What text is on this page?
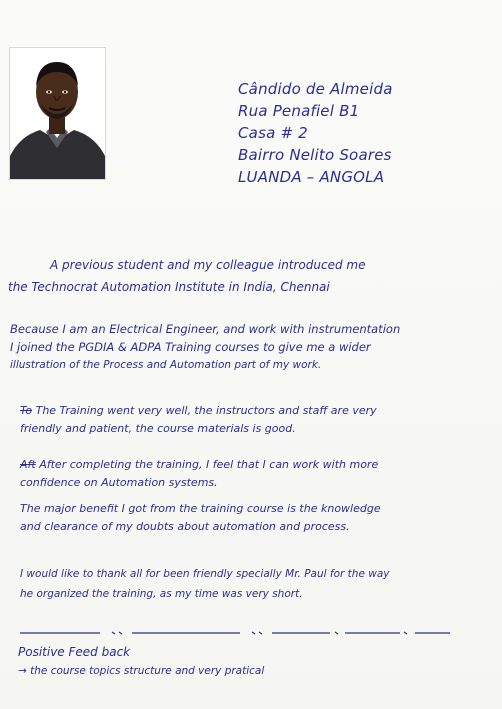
Cândido de Almeida
Rua Penafiel B1
Casa # 2
Bairro Nelito Soares
LUANDA – ANGOLA
A previous student and my colleague introduced me
the Technocrat Automation Institute in India, Chennai
Because I am an Electrical Engineer, and work with instrumentation
I joined the PGDIA & ADPA Training courses to give me a wider
illustration of the Process and Automation part of my work.
To The Training went very well, the instructors and staff are very
friendly and patient, the course materials is good.
Aft After completing the training, I feel that I can work with more
confidence on Automation systems.
The major benefit I got from the training course is the knowledge
and clearance of my doubts about automation and process.
I would like to thank all for been friendly specially Mr. Paul for the way
he organized the training, as my time was very short.
Positive Feed back
→ the course topics structure and very pratical
